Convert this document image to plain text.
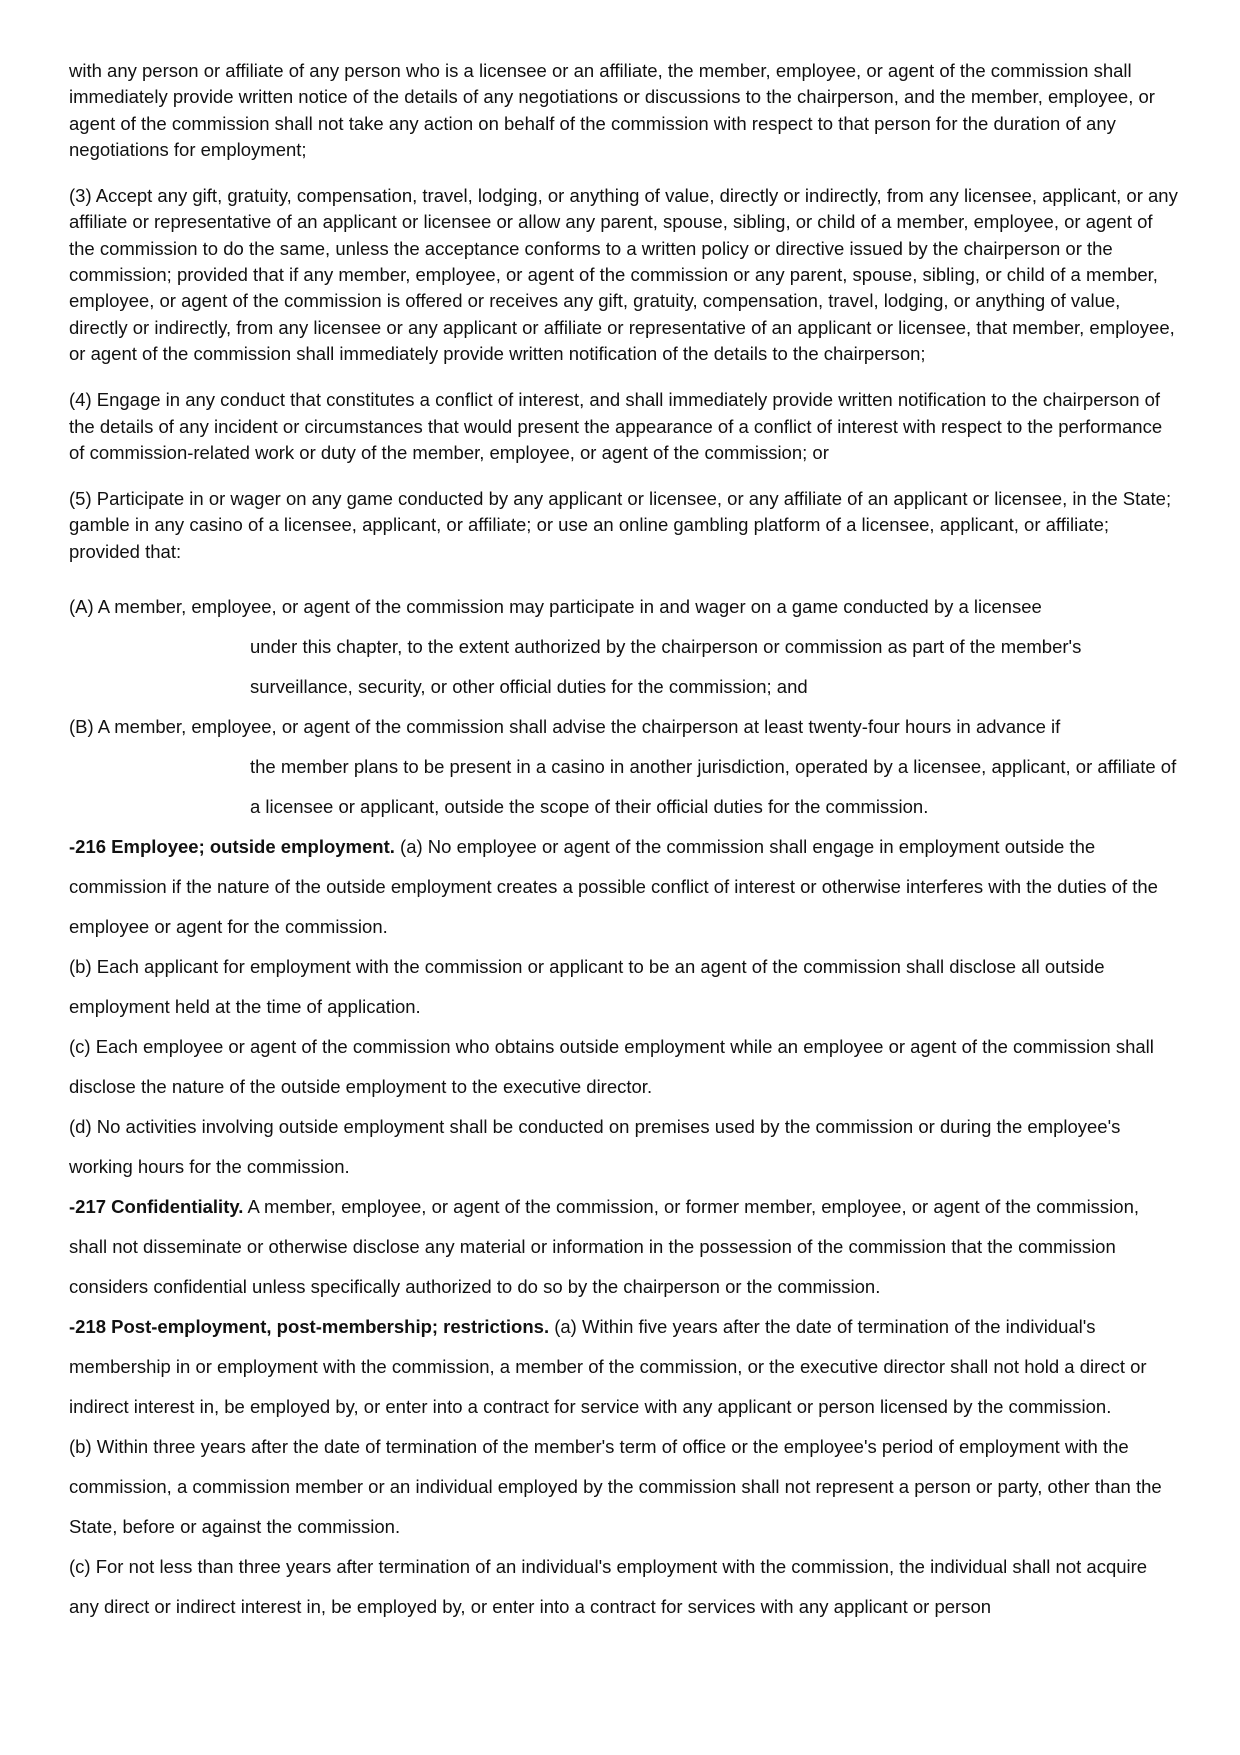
with any person or affiliate of any person who is a licensee or an affiliate, the member, employee, or agent of the commission shall immediately provide written notice of the details of any negotiations or discussions to the chairperson, and the member, employee, or agent of the commission shall not take any action on behalf of the commission with respect to that person for the duration of any negotiations for employment;

(3) Accept any gift, gratuity, compensation, travel, lodging, or anything of value, directly or indirectly, from any licensee, applicant, or any affiliate or representative of an applicant or licensee or allow any parent, spouse, sibling, or child of a member, employee, or agent of the commission to do the same, unless the acceptance conforms to a written policy or directive issued by the chairperson or the commission; provided that if any member, employee, or agent of the commission or any parent, spouse, sibling, or child of a member, employee, or agent of the commission is offered or receives any gift, gratuity, compensation, travel, lodging, or anything of value, directly or indirectly, from any licensee or any applicant or affiliate or representative of an applicant or licensee, that member, employee, or agent of the commission shall immediately provide written notification of the details to the chairperson;

(4) Engage in any conduct that constitutes a conflict of interest, and shall immediately provide written notification to the chairperson of the details of any incident or circumstances that would present the appearance of a conflict of interest with respect to the performance of commission-related work or duty of the member, employee, or agent of the commission; or

(5) Participate in or wager on any game conducted by any applicant or licensee, or any affiliate of an applicant or licensee, in the State; gamble in any casino of a licensee, applicant, or affiliate; or use an online gambling platform of a licensee, applicant, or affiliate; provided that:

(A) A member, employee, or agent of the commission may participate in and wager on a game conducted by a licensee
under this chapter, to the extent authorized by the chairperson or commission as part of the member's surveillance, security, or other official duties for the commission; and
(B) A member, employee, or agent of the commission shall advise the chairperson at least twenty-four hours in advance if
the member plans to be present in a casino in another jurisdiction, operated by a licensee, applicant, or affiliate of a licensee or applicant, outside the scope of their official duties for the commission.

-216 Employee; outside employment. (a) No employee or agent of the commission shall engage in employment outside the commission if the nature of the outside employment creates a possible conflict of interest or otherwise interferes with the duties of the employee or agent for the commission.

(b) Each applicant for employment with the commission or applicant to be an agent of the commission shall disclose all outside employment held at the time of application.

(c) Each employee or agent of the commission who obtains outside employment while an employee or agent of the commission shall disclose the nature of the outside employment to the executive director.

(d) No activities involving outside employment shall be conducted on premises used by the commission or during the employee's working hours for the commission.

-217 Confidentiality. A member, employee, or agent of the commission, or former member, employee, or agent of the commission, shall not disseminate or otherwise disclose any material or information in the possession of the commission that the commission considers confidential unless specifically authorized to do so by the chairperson or the commission.

-218 Post-employment, post-membership; restrictions. (a) Within five years after the date of termination of the individual's membership in or employment with the commission, a member of the commission, or the executive director shall not hold a direct or indirect interest in, be employed by, or enter into a contract for service with any applicant or person licensed by the commission.

(b) Within three years after the date of termination of the member's term of office or the employee's period of employment with the commission, a commission member or an individual employed by the commission shall not represent a person or party, other than the State, before or against the commission.

(c) For not less than three years after termination of an individual's employment with the commission, the individual shall not acquire any direct or indirect interest in, be employed by, or enter into a contract for services with any applicant or person
